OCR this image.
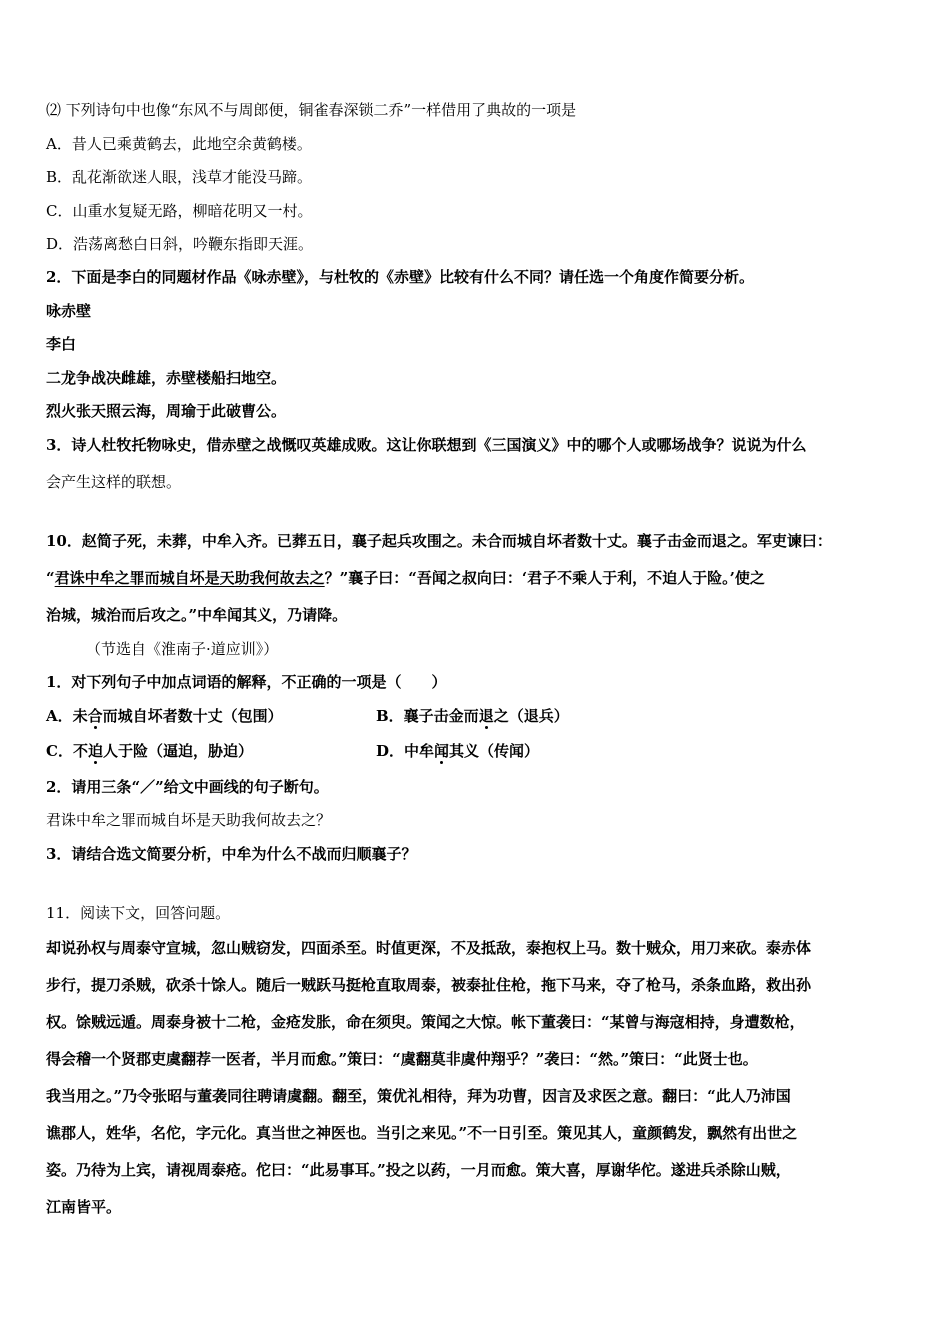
⑵ 下列诗句中也像“东风不与周郎便，铜雀春深锁二乔”一样借用了典故的一项是
A．昔人已乘黄鹤去，此地空余黄鹤楼。
B．乱花渐欲迷人眼，浅草才能没马蹄。
C．山重水复疑无路，柳暗花明又一村。
D．浩荡离愁白日斜，吟鞭东指即天涯。
2．下面是李白的同题材作品《咏赤壁》，与杜牧的《赤壁》比较有什么不同？请任选一个角度作简要分析。
咏赤壁
李白
二龙争战决雌雄，赤壁楼船扫地空。
烈火张天照云海，周瑜于此破曹公。
3．诗人杜牧托物咏史，借赤壁之战慨叹英雄成败。这让你联想到《三国演义》中的哪个人或哪场战争？说说为什么
会产生这样的联想。
10．赵简子死，未葬，中牟入齐。已葬五日，襄子起兵攻围之。未合而城自坏者数十丈。襄子击金而退之。军吏谏曰：
“君诛中牟之罪而城自坏是天助我何故去之？”襄子曰：“吾闻之叔向曰：‘君子不乘人于利，不迫人于险。’使之
治城，城治而后攻之。”中牟闻其义，乃请降。
（节选自《淮南子·道应训》）
1．对下列句子中加点词语的解释，不正确的一项是（　　）
A．未合而城自坏者数十丈（包围）	B．襄子击金而退之（退兵）
C．不迫人于险（逼迫，胁迫）	D．中牟闻其义（传闻）
2．请用三条“／”给文中画线的句子断句。
君诛中牟之罪而城自坏是天助我何故去之？
3．请结合选文简要分析，中牟为什么不战而归顺襄子？
11．阅读下文，回答问题。
却说孙权与周泰守宣城，忽山贼窃发，四面杀至。时值更深，不及抵敌，泰抱权上马。数十贼众，用刀来砍。泰赤体
步行，提刀杀贼，砍杀十馀人。随后一贼跃马挺枪直取周泰，被泰扯住枪，拖下马来，夺了枪马，杀条血路，救出孙
权。馀贼远遁。周泰身被十二枪，金疮发胀，命在须臾。策闻之大惊。帐下董袭曰：“某曾与海寇相持，身遭数枪，
得会稽一个贤郡吏虞翻荐一医者，半月而愈。”策曰：“虞翻莫非虞仲翔乎？”袭曰：“然。”策曰：“此贤士也。
我当用之。”乃令张昭与董袭同往聘请虞翻。翻至，策优礼相待，拜为功曹，因言及求医之意。翻曰：“此人乃沛国
谯郡人，姓华，名佗，字元化。真当世之神医也。当引之来见。”不一日引至。策见其人，童颜鹤发，飘然有出世之
姿。乃待为上宾，请视周泰疮。佗曰：“此易事耳。”投之以药，一月而愈。策大喜，厚谢华佗。遂进兵杀除山贼，
江南皆平。
